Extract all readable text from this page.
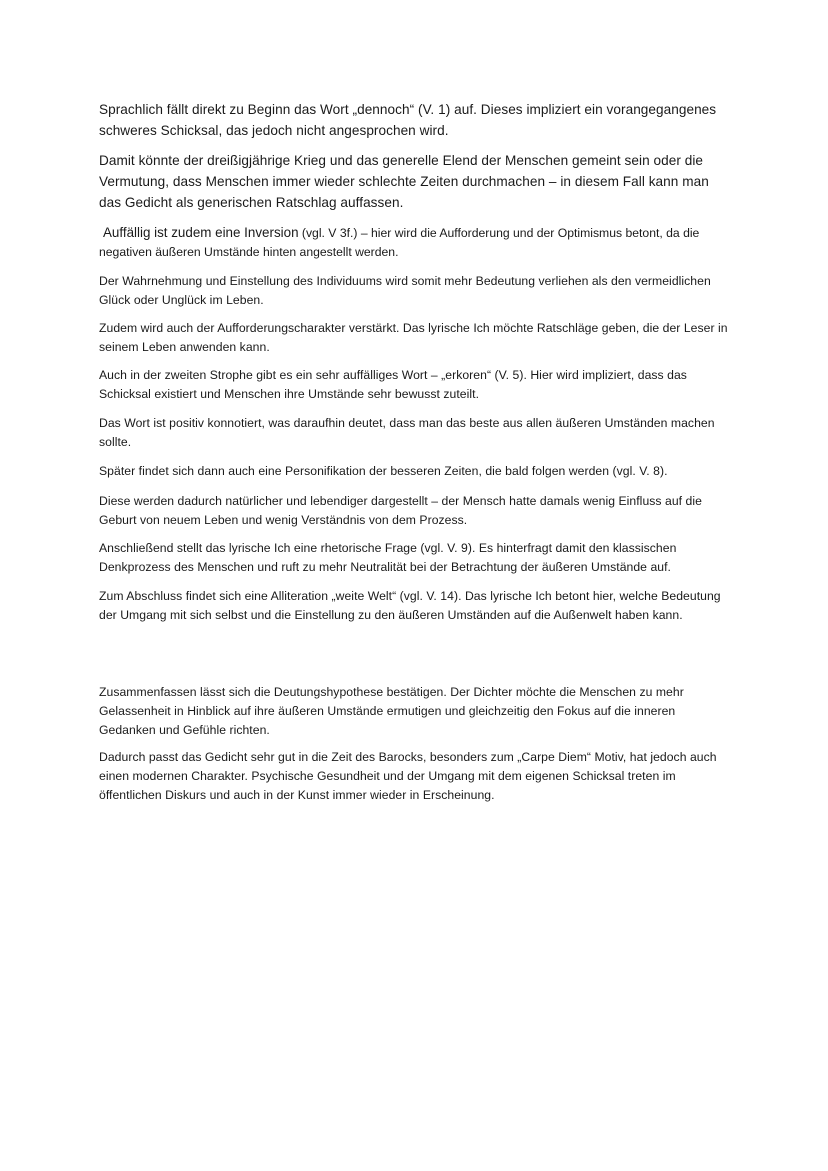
Sprachlich fällt direkt zu Beginn das Wort „dennoch“ (V. 1) auf. Dieses impliziert ein vorangegangenes schweres Schicksal, das jedoch nicht angesprochen wird.

Damit könnte der dreißigjährige Krieg und das generelle Elend der Menschen gemeint sein oder die Vermutung, dass Menschen immer wieder schlechte Zeiten durchmachen – in diesem Fall kann man das Gedicht als generischen Ratschlag auffassen.

Auffällig ist zudem eine Inversion (vgl. V 3f.) – hier wird die Aufforderung und der Optimismus betont, da die negativen äußeren Umstände hinten angestellt werden.

Der Wahrnehmung und Einstellung des Individuums wird somit mehr Bedeutung verliehen als den vermeidlichen Glück oder Unglück im Leben.

Zudem wird auch der Aufforderungscharakter verstärkt. Das lyrische Ich möchte Ratschläge geben, die der Leser in seinem Leben anwenden kann.

Auch in der zweiten Strophe gibt es ein sehr auffälliges Wort – „erkoren“ (V. 5). Hier wird impliziert, dass das Schicksal existiert und Menschen ihre Umstände sehr bewusst zuteilt.

Das Wort ist positiv konnotiert, was daraufhin deutet, dass man das beste aus allen äußeren Umständen machen sollte.

Später findet sich dann auch eine Personifikation der besseren Zeiten, die bald folgen werden (vgl. V. 8).

Diese werden dadurch natürlicher und lebendiger dargestellt – der Mensch hatte damals wenig Einfluss auf die Geburt von neuem Leben und wenig Verständnis von dem Prozess.

Anschließend stellt das lyrische Ich eine rhetorische Frage (vgl. V. 9). Es hinterfragt damit den klassischen Denkprozess des Menschen und ruft zu mehr Neutralität bei der Betrachtung der äußeren Umstände auf.

Zum Abschluss findet sich eine Alliteration „weite Welt“ (vgl. V. 14). Das lyrische Ich betont hier, welche Bedeutung der Umgang mit sich selbst und die Einstellung zu den äußeren Umständen auf die Außenwelt haben kann.

Zusammenfassen lässt sich die Deutungshypothese bestätigen. Der Dichter möchte die Menschen zu mehr Gelassenheit in Hinblick auf ihre äußeren Umstände ermutigen und gleichzeitig den Fokus auf die inneren Gedanken und Gefühle richten.

Dadurch passt das Gedicht sehr gut in die Zeit des Barocks, besonders zum „Carpe Diem“ Motiv, hat jedoch auch einen modernen Charakter. Psychische Gesundheit und der Umgang mit dem eigenen Schicksal treten im öffentlichen Diskurs und auch in der Kunst immer wieder in Erscheinung.
